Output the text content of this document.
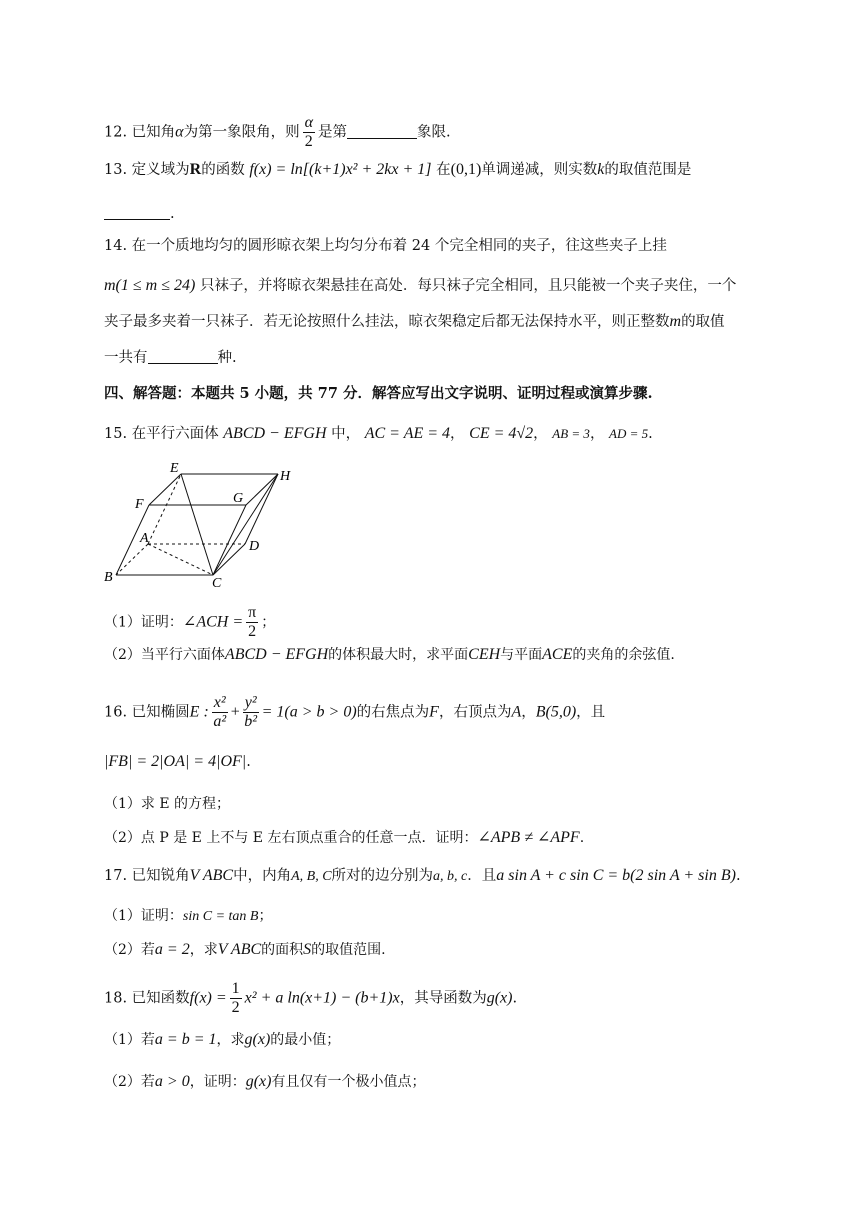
12. 已知角α为第一象限角，则 $\frac{\alpha}{2}$ 是第	象限.
13. 定义域为R的函数 f(x) = ln[(k+1)x² + 2kx + 1] 在(0,1)单调递减，则实数k的取值范围是
.
14. 在一个质地均匀的圆形晾衣架上均匀分布着 24 个完全相同的夹子，往这些夹子上挂
m(1 ≤ m ≤ 24) 只袜子，并将晾衣架悬挂在高处．每只袜子完全相同，且只能被一个夹子夹住，一个
夹子最多夹着一只袜子．若无论按照什么挂法，晾衣架稳定后都无法保持水平，则正整数m的取值
一共有	种.
四、解答题：本题共 5 小题，共 77 分．解答应写出文字说明、证明过程或演算步骤.
15. 在平行六面体 ABCD − EFGH 中， AC = AE = 4， CE = 4√2， AB = 3， AD = 5.
E
H
F	G
A
D
B	C
（1）证明：∠ACH = $\frac{\pi}{2}$ ；
（2）当平行六面体ABCD − EFGH的体积最大时，求平面CEH与平面ACE的夹角的余弦值.
16. 已知椭圆E : $\frac{\text{x²}}{\text{a²}} + \frac{\text{y²}}{\text{b²}} = 1(a > b > 0)$的右焦点为F，右顶点为A，B(5,0)，且
|FB| = 2|OA| = 4|OF|.
（1）求 E 的方程；
（2）点 P 是 E 上不与 E 左右顶点重合的任意一点．证明：∠APB ≠ ∠APF.
17. 已知锐角V ABC中，内角A, B, C所对的边分别为a, b, c．且a sin A + c sin C = b(2 sin A + sin B).
（1）证明：sin C = tan B；
（2）若a = 2，求V ABC的面积S的取值范围.
18. 已知函数$f(x) = \frac{1}{2} x^2 + a$ ln(x+1) − (b+1)x，其导函数为g(x).
（1）若a = b = 1，求g(x)的最小值；
（2）若a > 0，证明：g(x)有且仅有一个极小值点；
